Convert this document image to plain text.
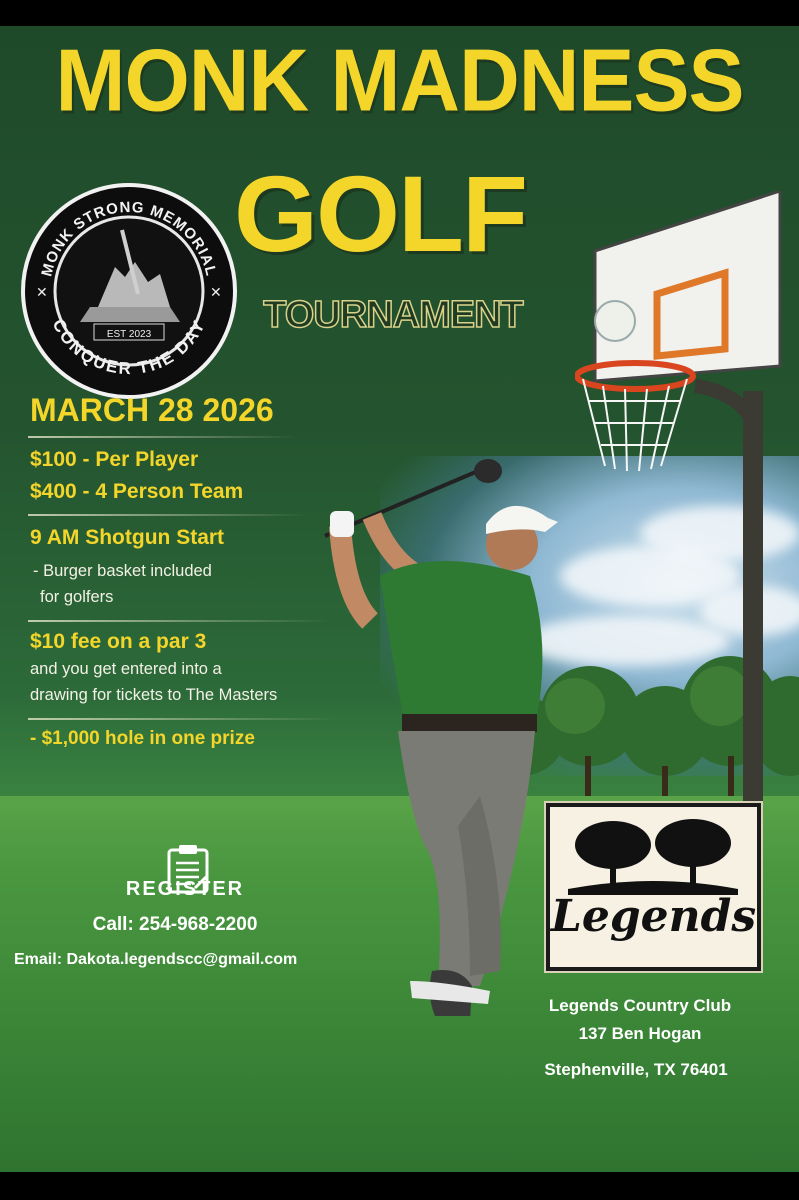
MONK MADNESS
GOLF
TOURNAMENT
MONK STRONG MEMORIAL
CONQUER THE DAY
✕	✕
EST 2023
MARCH 28 2026
$100 - Per Player
$400 - 4 Person Team
9 AM Shotgun Start
- Burger basket included
for golfers
$10 fee on a par 3
and you get entered into a
drawing for tickets to The Masters
- $1,000 hole in one prize
REGISTER
Call: 254-968-2200
Email: Dakota.legendscc@gmail.com
Legends
Legends Country Club
137 Ben Hogan
Stephenville, TX 76401
